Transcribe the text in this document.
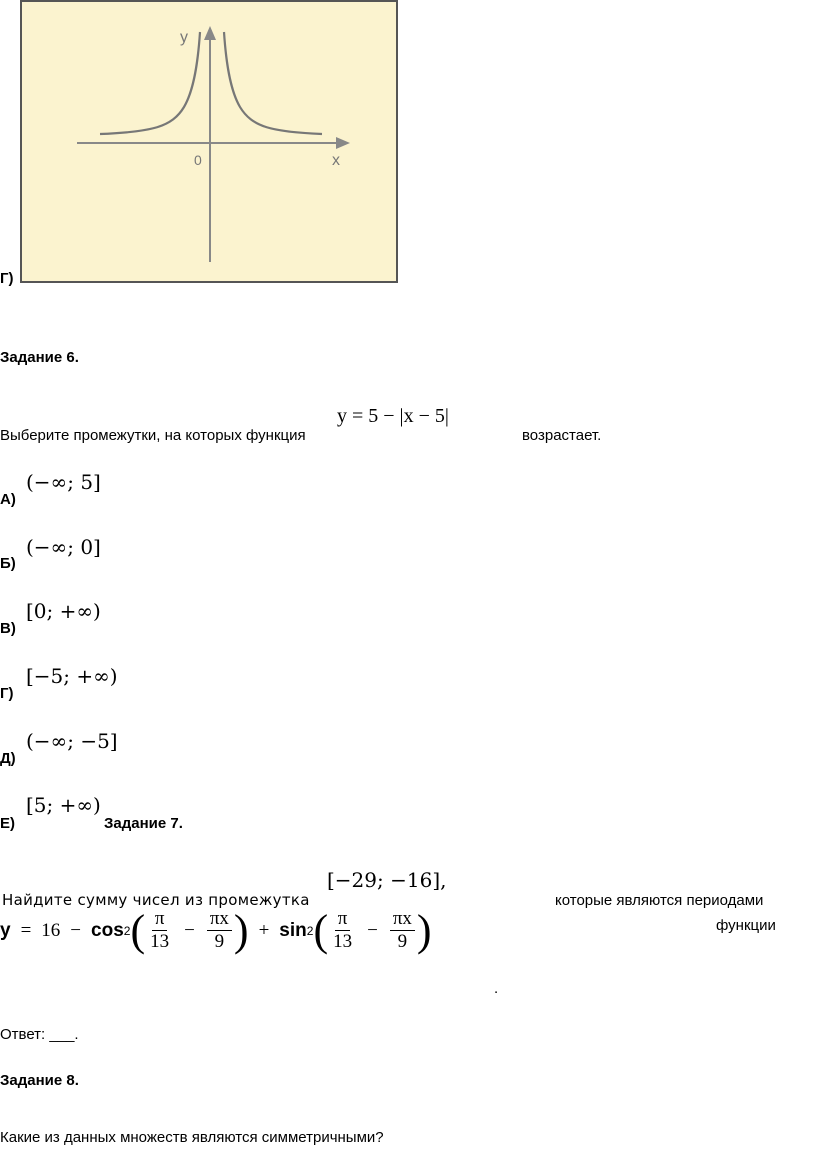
y
x
0
Г)
Задание 6.
Выберите промежутки, на которых функция
y = 5 − |x − 5|
возрастает.
А)
(−∞; 5]
Б)
(−∞; 0]
В)
[0; +∞)
Г)
[−5; +∞)
Д)
(−∞; −5]
Е)
[5; +∞)
Задание 7.
Найдите сумму чисел из промежутка
[−29; −16],
которые являются периодами
функции
y = 16 − cos 2 ( $\frac{\pi}{13} - \frac{\pi x}{9}$ ) + sin 2 ( $\frac{\pi}{13} - \frac{\pi x}{9}$ )
.
Ответ: ___.
Задание 8.
Какие из данных множеств являются симметричными?
